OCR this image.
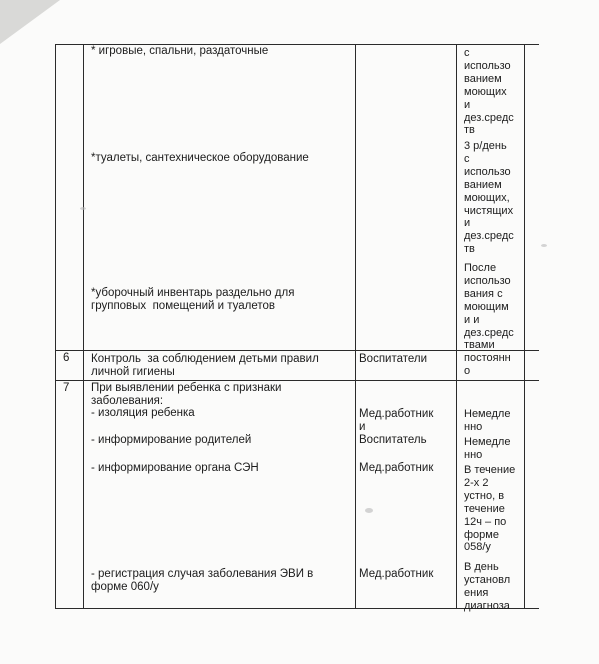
* игровые, спальни, раздаточные
*туалеты, сантехническое оборудование
*уборочный инвентарь раздельно для
групповых  помещений и туалетов
с
использо
ванием
моющих
и
дез.средс
тв
3 р/день
с
использо
ванием
моющих,
чистящих
и
дез.средс
тв
После
использо
вания с
моющим
и и
дез.средс
твами
6 Контроль  за соблюдением детьми правил
личной гигиены
Воспитатели	постоянн
о
7 При выявлении ребенка с признаки
заболевания:
- изоляция ребенка
- информирование родителей
- информирование органа СЭН
- регистрация случая заболевания ЭВИ в
форме 060/у
Мед.работник
и
Воспитатель
Мед.работник
Мед.работник
Немедле
нно
Немедле
нно
В течение
2-х 2
устно, в
течение
12ч – по
форме
058/у
В день
установл
ения
диагноза
